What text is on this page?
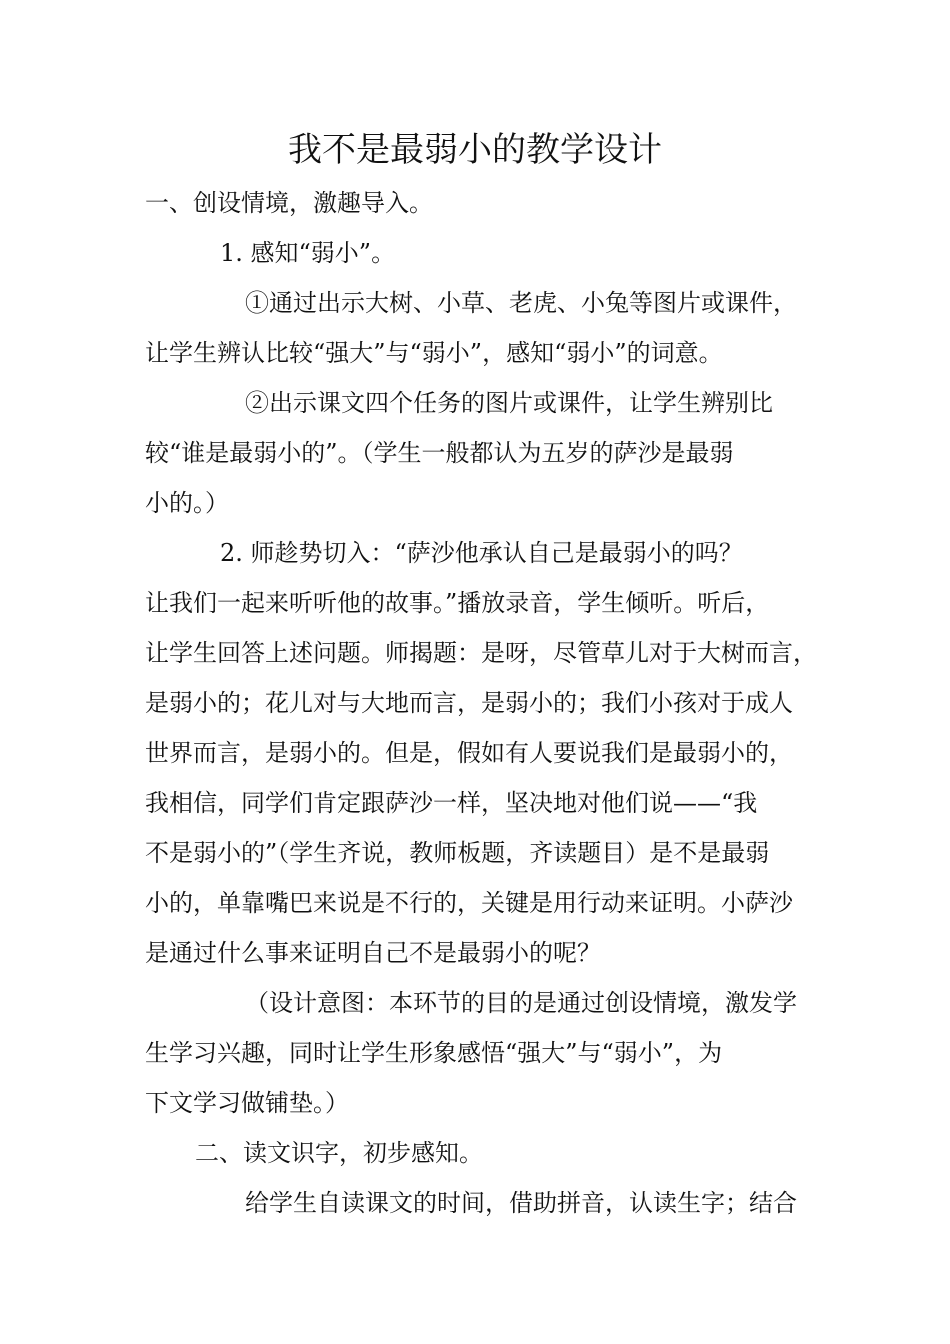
我不是最弱小的教学设计
一、创设情境，激趣导入。
1. 感知“弱小”。
①通过出示大树、小草、老虎、小兔等图片或课件，
让学生辨认比较“强大”与“弱小”，感知“弱小”的词意。
②出示课文四个任务的图片或课件，让学生辨别比
较“谁是最弱小的”。（学生一般都认为五岁的萨沙是最弱
小的。）
2. 师趁势切入：“萨沙他承认自己是最弱小的吗？
让我们一起来听听他的故事。”播放录音，学生倾听。听后，
让学生回答上述问题。师揭题：是呀，尽管草儿对于大树而言，
是弱小的；花儿对与大地而言，是弱小的；我们小孩对于成人
世界而言，是弱小的。但是，假如有人要说我们是最弱小的，
我相信，同学们肯定跟萨沙一样，坚决地对他们说——“我
不是弱小的”（学生齐说，教师板题，齐读题目）是不是最弱
小的，单靠嘴巴来说是不行的，关键是用行动来证明。小萨沙
是通过什么事来证明自己不是最弱小的呢？
（设计意图：本环节的目的是通过创设情境，激发学
生学习兴趣，同时让学生形象感悟“强大”与“弱小”，为
下文学习做铺垫。）
二、读文识字，初步感知。
给学生自读课文的时间，借助拼音，认读生字；结合
